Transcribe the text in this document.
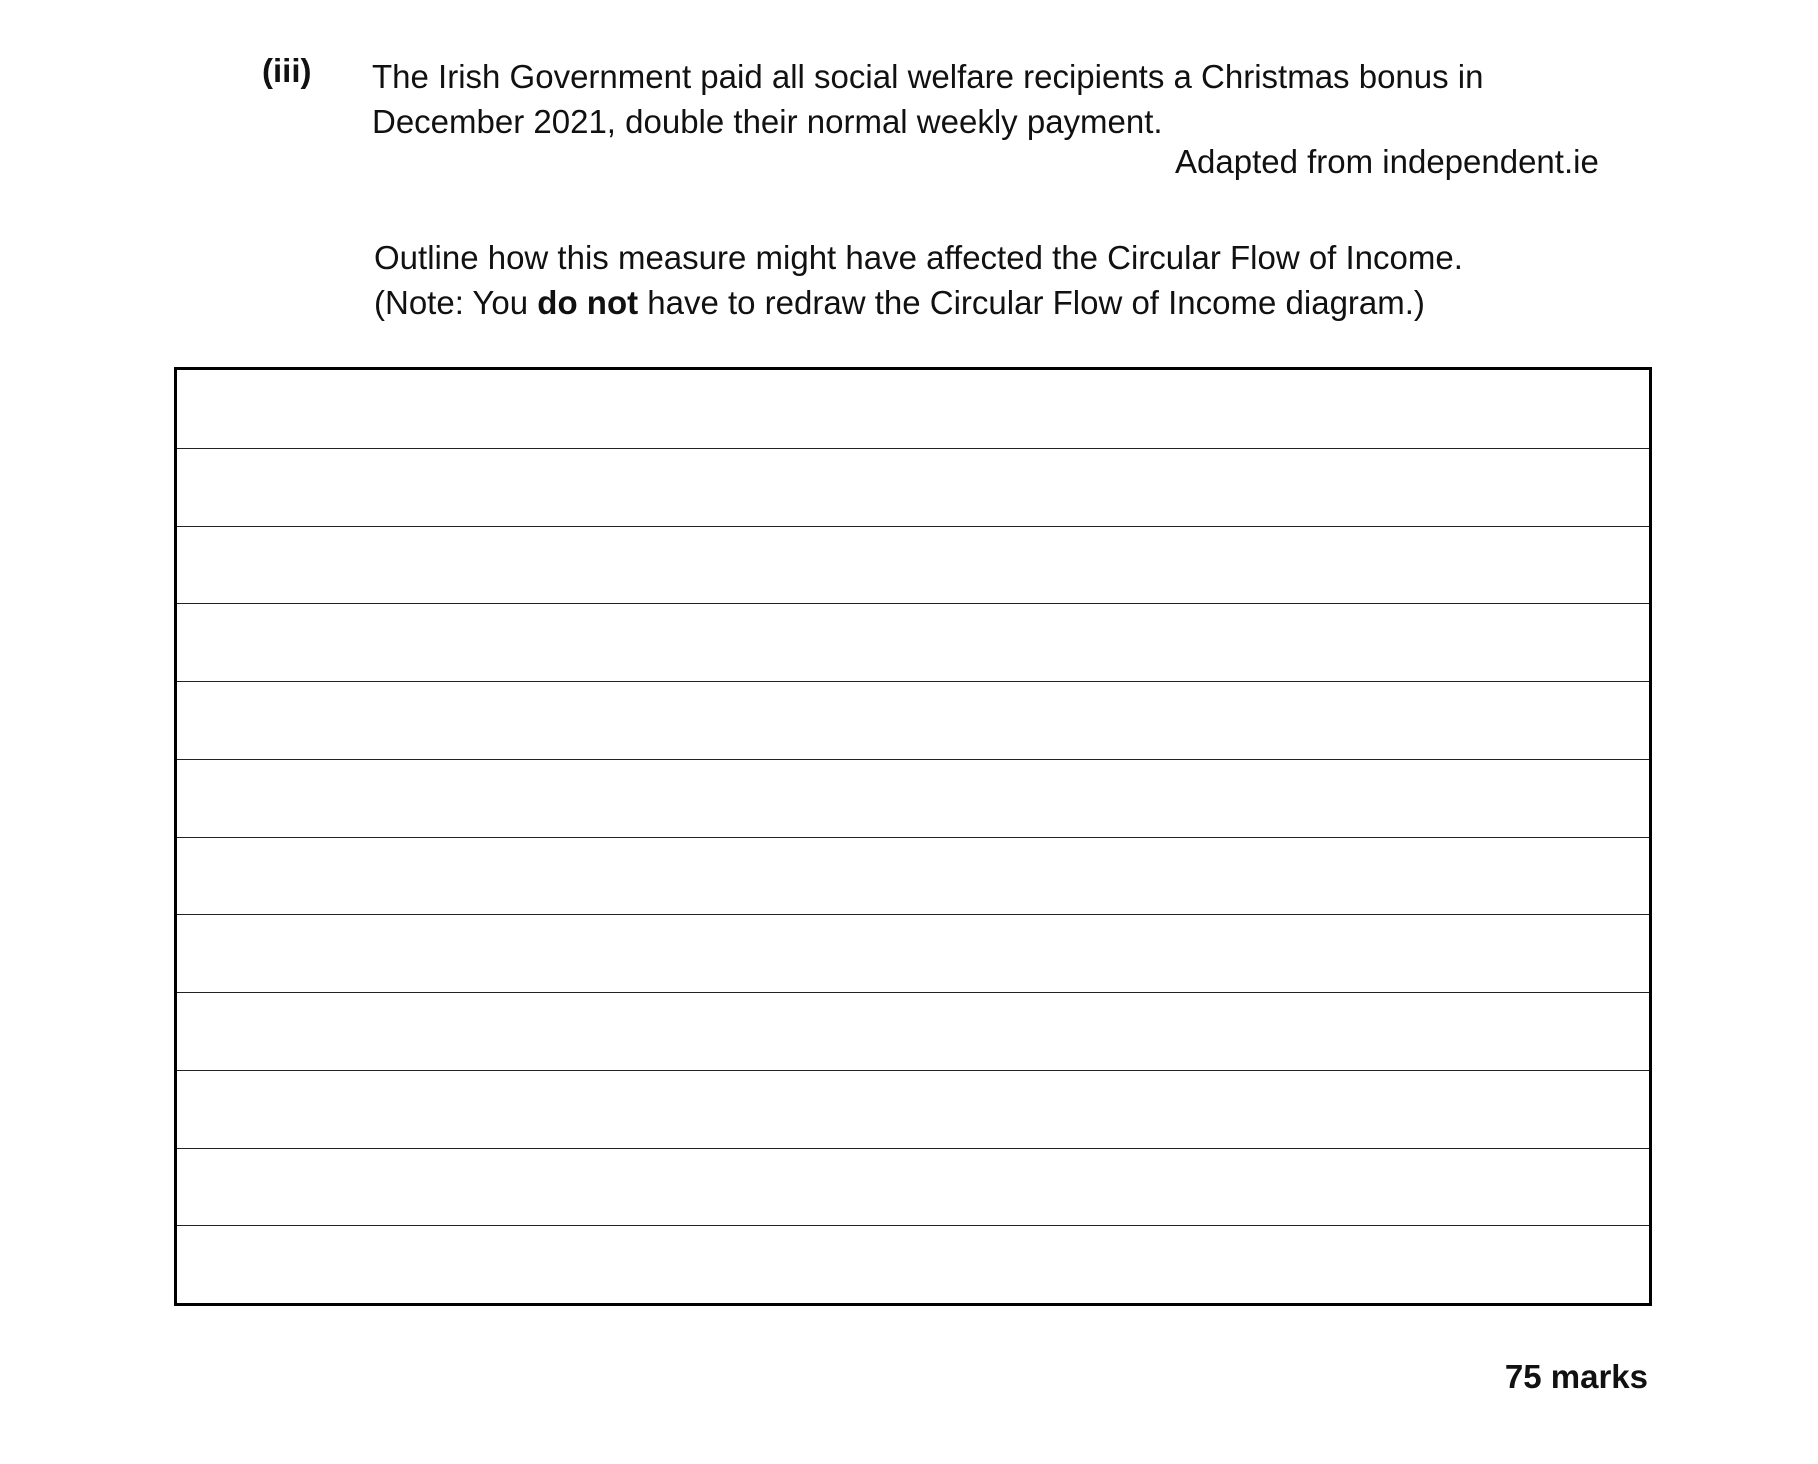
(iii) The Irish Government paid all social welfare recipients a Christmas bonus in
December 2021, double their normal weekly payment.
Adapted from independent.ie
Outline how this measure might have affected the Circular Flow of Income.
(Note: You do not have to redraw the Circular Flow of Income diagram.)
75 marks
